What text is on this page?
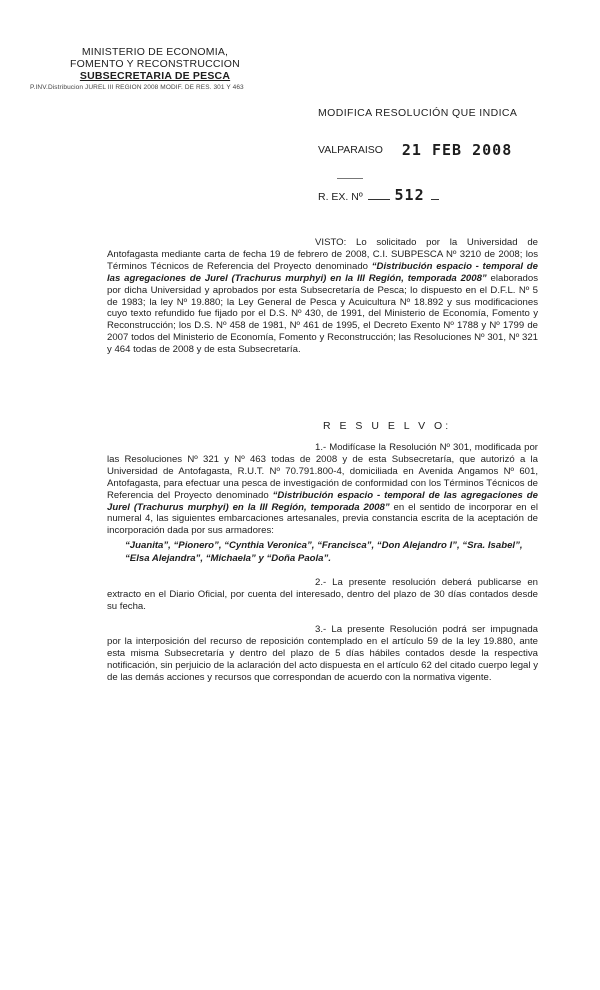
MINISTERIO DE ECONOMIA,
FOMENTO Y RECONSTRUCCION
SUBSECRETARIA DE PESCA
P.INV.Distribucion JUREL III REGION 2008 MODIF. DE RES. 301 Y 463
MODIFICA RESOLUCIÓN QUE INDICA
VALPARAISO 21 FEB 2008
R. EX. Nº 512
VISTO: Lo solicitado por la Universidad de Antofagasta mediante carta de fecha 19 de febrero de 2008, C.I. SUBPESCA Nº 3210 de 2008; los Términos Técnicos de Referencia del Proyecto denominado “Distribución espacio - temporal de las agregaciones de Jurel (Trachurus murphyi) en la III Región, temporada 2008” elaborados por dicha Universidad y aprobados por esta Subsecretaría de Pesca; lo dispuesto en el D.F.L. Nº 5 de 1983; la ley Nº 19.880; la Ley General de Pesca y Acuicultura Nº 18.892 y sus modificaciones cuyo texto refundido fue fijado por el D.S. Nº 430, de 1991, del Ministerio de Economía, Fomento y Reconstrucción; los D.S. Nº 458 de 1981, Nº 461 de 1995, el Decreto Exento Nº 1788 y Nº 1799 de 2007 todos del Ministerio de Economía, Fomento y Reconstrucción; las Resoluciones Nº 301, Nº 321 y 464 todas de 2008 y de esta Subsecretaría.
R E S U E L V O:
1.- Modifícase la Resolución Nº 301, modificada por las Resoluciones Nº 321 y Nº 463 todas de 2008 y de esta Subsecretaría, que autorizó a la Universidad de Antofagasta, R.U.T. Nº 70.791.800-4, domiciliada en Avenida Angamos Nº 601, Antofagasta, para efectuar una pesca de investigación de conformidad con los Términos Técnicos de Referencia del Proyecto denominado “Distribución espacio - temporal de las agregaciones de Jurel (Trachurus murphyi) en la III Región, temporada 2008” en el sentido de incorporar en el numeral 4, las siguientes embarcaciones artesanales, previa constancia escrita de la aceptación de incorporación dada por sus armadores:
“Juanita”, “Pionero”, “Cynthia Veronica”, “Francisca”, “Don Alejandro I”, “Sra. Isabel”, “Elsa Alejandra”, “Michaela” y “Doña Paola”.
2.- La presente resolución deberá publicarse en extracto en el Diario Oficial, por cuenta del interesado, dentro del plazo de 30 días contados desde su fecha.
3.- La presente Resolución podrá ser impugnada por la interposición del recurso de reposición contemplado en el artículo 59 de la ley 19.880, ante esta misma Subsecretaría y dentro del plazo de 5 días hábiles contados desde la respectiva notificación, sin perjuicio de la aclaración del acto dispuesta en el artículo 62 del citado cuerpo legal y de las demás acciones y recursos que correspondan de acuerdo con la normativa vigente.
